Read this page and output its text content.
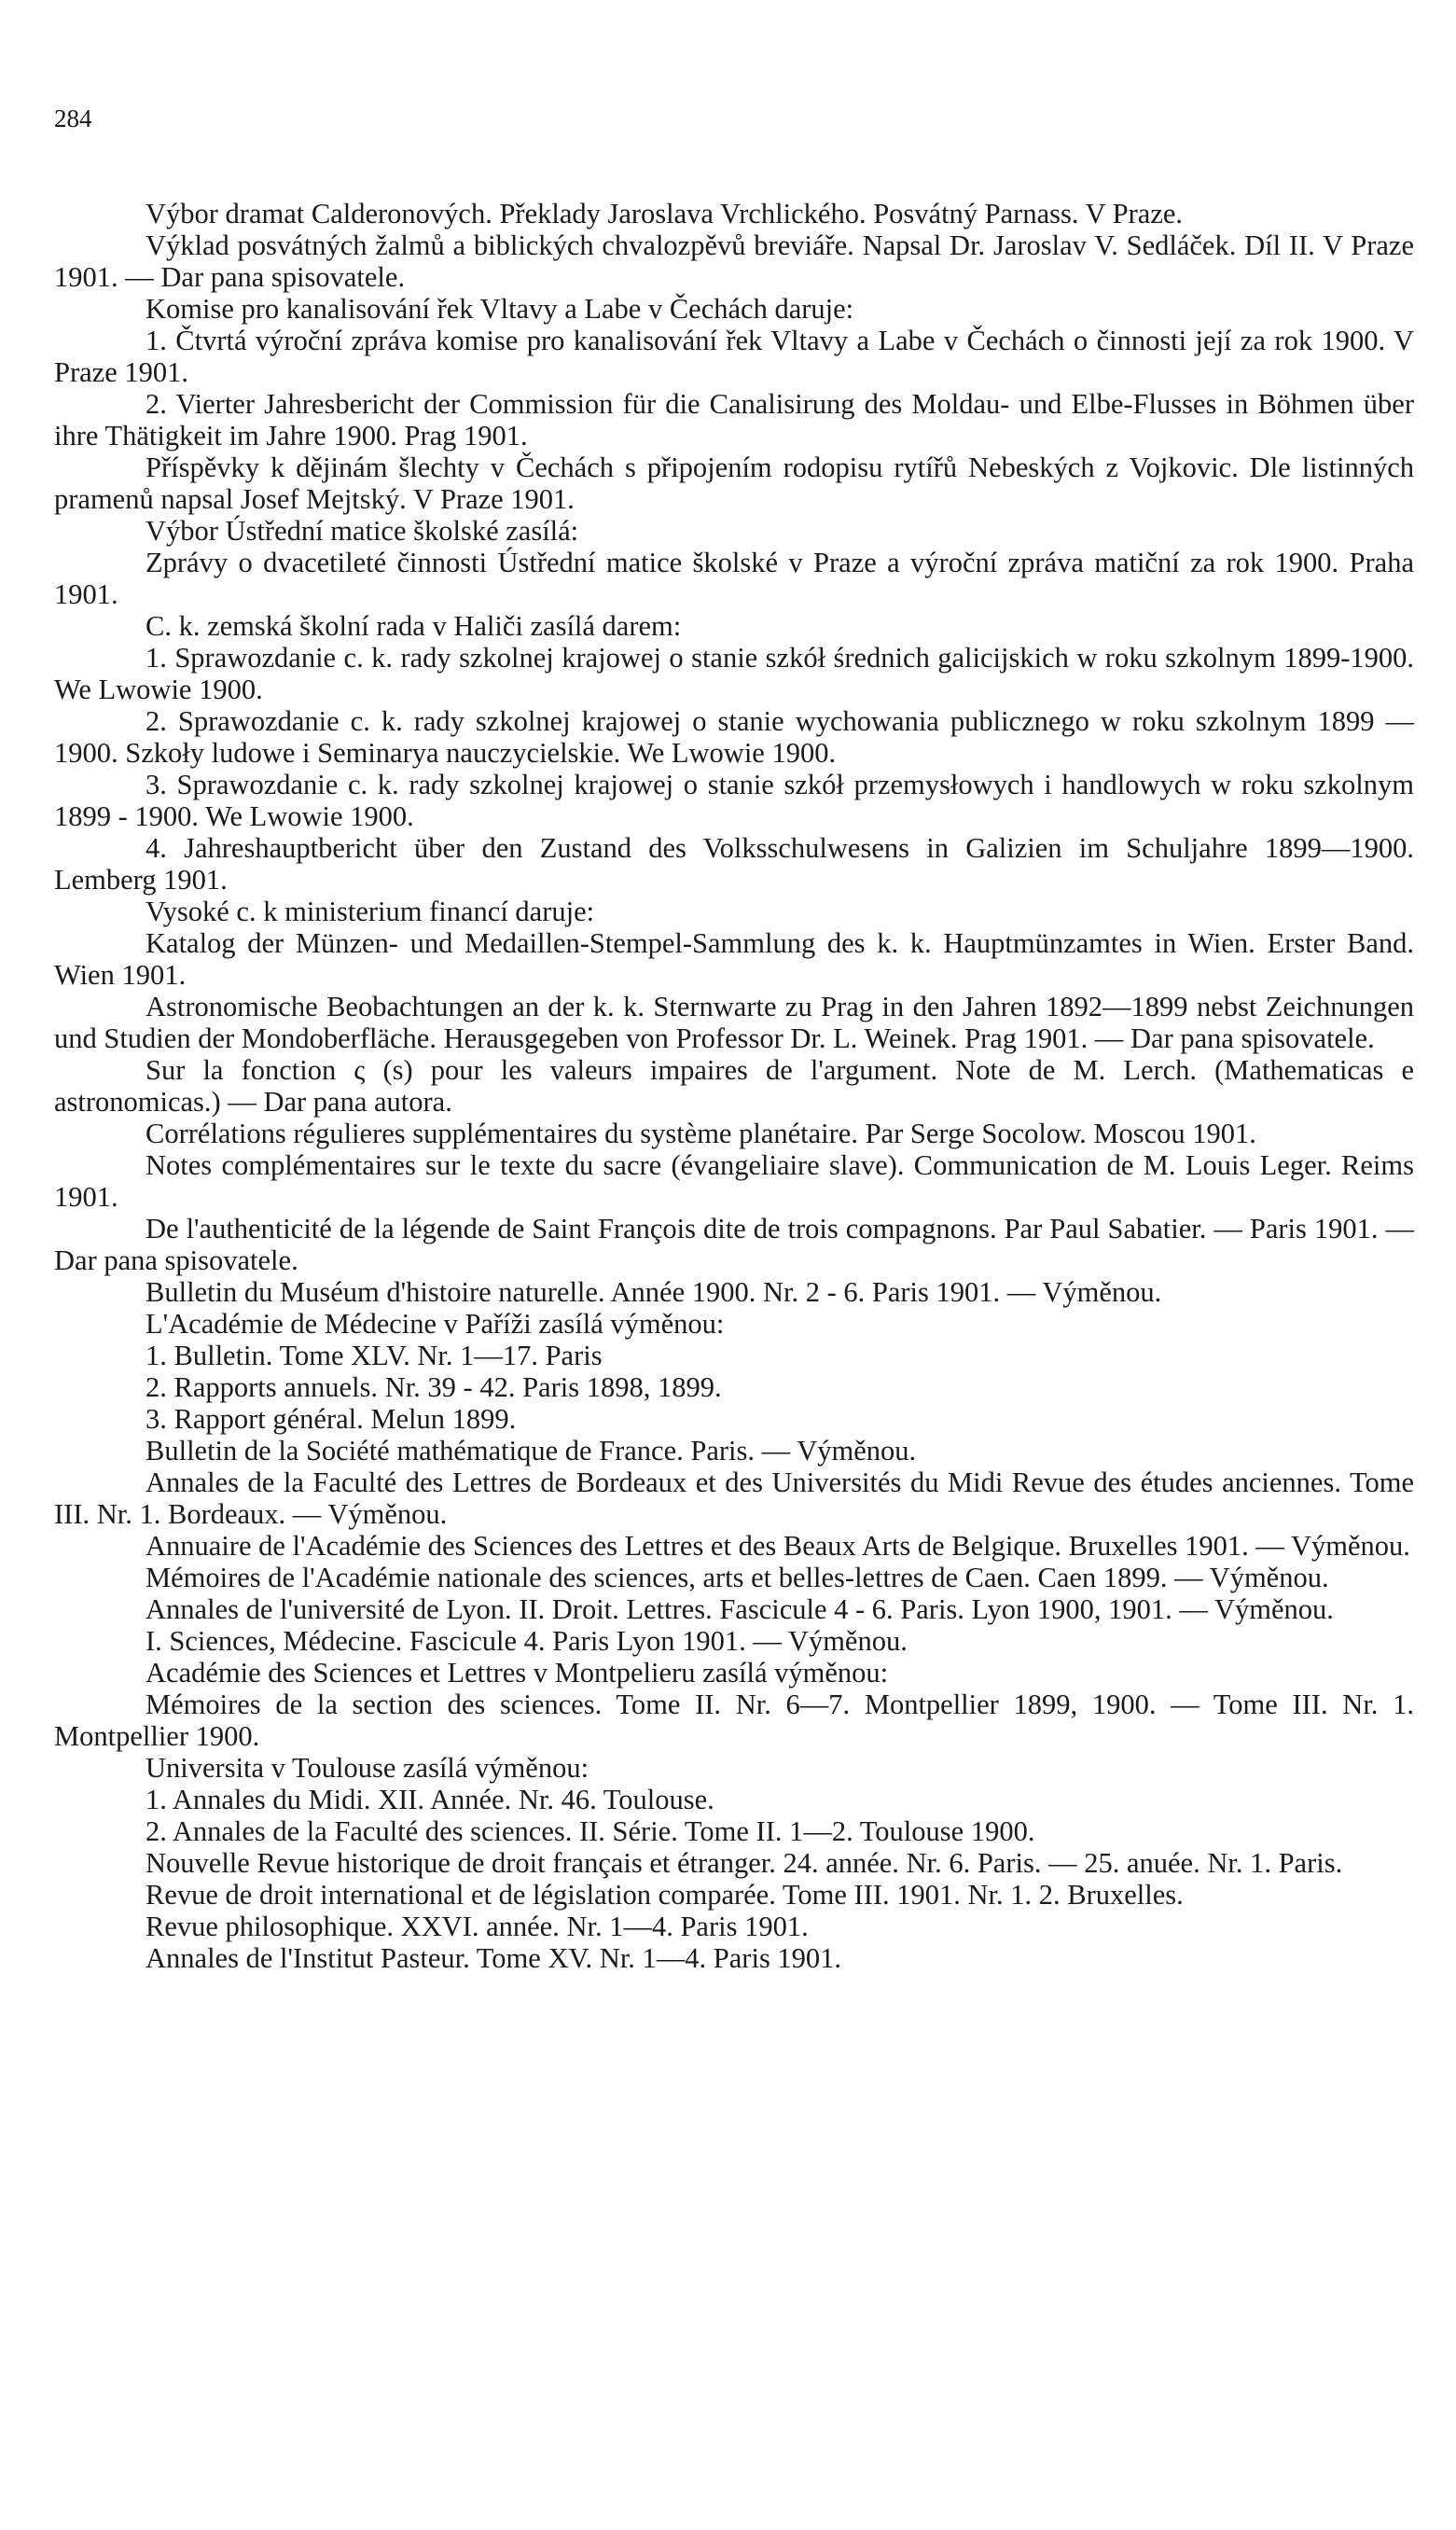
284

Výbor dramat Calderonových. Překlady Jaroslava Vrchlického. Posvátný Parnass. V Praze.

Výklad posvátných žalmů a biblických chvalozpěvů breviáře. Napsal Dr. Jaroslav V. Sedláček. Díl II. V Praze 1901. — Dar pana spisovatele.

Komise pro kanalisování řek Vltavy a Labe v Čechách daruje:

1. Čtvrtá výroční zpráva komise pro kanalisování řek Vltavy a Labe v Čechách o činnosti její za rok 1900. V Praze 1901.

2. Vierter Jahresbericht der Commission für die Canalisirung des Moldau- und Elbe-Flusses in Böhmen über ihre Thätigkeit im Jahre 1900. Prag 1901.

Příspěvky k dějinám šlechty v Čechách s připojením rodopisu rytířů Nebeských z Vojkovic. Dle listinných pramenů napsal Josef Mejtský. V Praze 1901.

Výbor Ústřední matice školské zasílá:

Zprávy o dvacetileté činnosti Ústřední matice školské v Praze a výroční zpráva matiční za rok 1900. Praha 1901.

C. k. zemská školní rada v Haliči zasílá darem:

1. Sprawozdanie c. k. rady szkolnej krajowej o stanie szkół średnich galicijskich w roku szkolnym 1899-1900. We Lwowie 1900.

2. Sprawozdanie c. k. rady szkolnej krajowej o stanie wychowania publicznego w roku szkolnym 1899 — 1900. Szkoły ludowe i Seminarya nauczycielskie. We Lwowie 1900.

3. Sprawozdanie c. k. rady szkolnej krajowej o stanie szkół przemysłowych i handlowych w roku szkolnym 1899 - 1900. We Lwowie 1900.

4. Jahreshauptbericht über den Zustand des Volksschulwesens in Galizien im Schuljahre 1899—1900. Lemberg 1901.

Vysoké c. k ministerium financí daruje:

Katalog der Münzen- und Medaillen-Stempel-Sammlung des k. k. Hauptmünzamtes in Wien. Erster Band. Wien 1901.

Astronomische Beobachtungen an der k. k. Sternwarte zu Prag in den Jahren 1892—1899 nebst Zeichnungen und Studien der Mondoberfläche. Herausgegeben von Professor Dr. L. Weinek. Prag 1901. — Dar pana spisovatele.

Sur la fonction ς (s) pour les valeurs impaires de l'argument. Note de M. Lerch. (Mathematicas e astronomicas.) — Dar pana autora.

Corrélations régulieres supplémentaires du système planétaire. Par Serge Socolow. Moscou 1901.

Notes complémentaires sur le texte du sacre (évangeliaire slave). Communication de M. Louis Leger. Reims 1901.

De l'authenticité de la légende de Saint François dite de trois compagnons. Par Paul Sabatier. — Paris 1901. — Dar pana spisovatele.

Bulletin du Muséum d'histoire naturelle. Année 1900. Nr. 2 - 6. Paris 1901. — Výměnou.

L'Académie de Médecine v Paříži zasílá výměnou:

1. Bulletin. Tome XLV. Nr. 1—17. Paris

2. Rapports annuels. Nr. 39 - 42. Paris 1898, 1899.

3. Rapport général. Melun 1899.

Bulletin de la Société mathématique de France. Paris. — Výměnou.

Annales de la Faculté des Lettres de Bordeaux et des Universités du Midi Revue des études anciennes. Tome III. Nr. 1. Bordeaux. — Výměnou.

Annuaire de l'Académie des Sciences des Lettres et des Beaux Arts de Belgique. Bruxelles 1901. — Výměnou.

Mémoires de l'Académie nationale des sciences, arts et belles-lettres de Caen. Caen 1899. — Výměnou.

Annales de l'université de Lyon. II. Droit. Lettres. Fascicule 4 - 6. Paris. Lyon 1900, 1901. — Výměnou.

I. Sciences, Médecine. Fascicule 4. Paris Lyon 1901. — Výměnou.

Académie des Sciences et Lettres v Montpelieru zasílá výměnou:

Mémoires de la section des sciences. Tome II. Nr. 6—7. Montpellier 1899, 1900. — Tome III. Nr. 1. Montpellier 1900.

Universita v Toulouse zasílá výměnou:

1. Annales du Midi. XII. Année. Nr. 46. Toulouse.

2. Annales de la Faculté des sciences. II. Série. Tome II. 1—2. Toulouse 1900.

Nouvelle Revue historique de droit français et étranger. 24. année. Nr. 6. Paris. — 25. anuée. Nr. 1. Paris.

Revue de droit international et de législation comparée. Tome III. 1901. Nr. 1. 2. Bruxelles.

Revue philosophique. XXVI. année. Nr. 1—4. Paris 1901.

Annales de l'Institut Pasteur. Tome XV. Nr. 1—4. Paris 1901.
